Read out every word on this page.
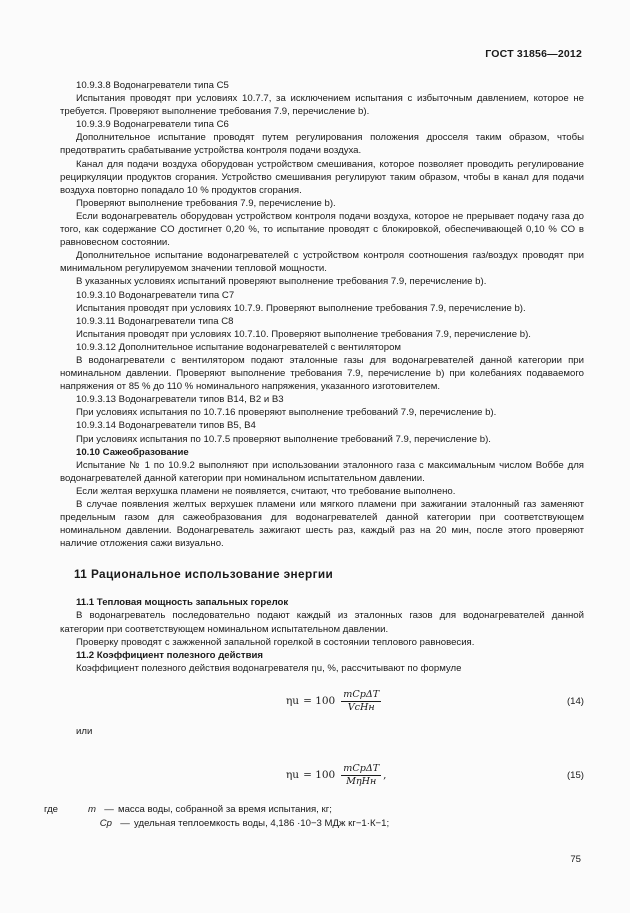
ГОСТ 31856—2012

10.9.3.8 Водонагреватели типа C5

Испытания проводят при условиях 10.7.7, за исключением испытания с избыточным давлением, которое не требуется. Проверяют выполнение требования 7.9, перечисление b).

10.9.3.9 Водонагреватели типа C6

Дополнительное испытание проводят путем регулирования положения дросселя таким образом, чтобы предотвратить срабатывание устройства контроля подачи воздуха.

Канал для подачи воздуха оборудован устройством смешивания, которое позволяет проводить регулирование рециркуляции продуктов сгорания. Устройство смешивания регулируют таким образом, чтобы в канал для подачи воздуха повторно попадало 10 % продуктов сгорания.

Проверяют выполнение требования 7.9, перечисление b).

Если водонагреватель оборудован устройством контроля подачи воздуха, которое не прерывает подачу газа до того, как содержание CO достигнет 0,20 %, то испытание проводят с блокировкой, обеспечивающей 0,10 % CO в равновесном состоянии.

Дополнительное испытание водонагревателей с устройством контроля соотношения газ/воздух проводят при минимальном регулируемом значении тепловой мощности.

В указанных условиях испытаний проверяют выполнение требования 7.9, перечисление b).

10.9.3.10 Водонагреватели типа C7

Испытания проводят при условиях 10.7.9. Проверяют выполнение требования 7.9, перечисление b).

10.9.3.11 Водонагреватели типа C8

Испытания проводят при условиях 10.7.10. Проверяют выполнение требования 7.9, перечисление b).

10.9.3.12 Дополнительное испытание водонагревателей с вентилятором

В водонагреватели с вентилятором подают эталонные газы для водонагревателей данной категории при номинальном давлении. Проверяют выполнение требования 7.9, перечисление b) при колебаниях подаваемого напряжения от 85 % до 110 % номинального напряжения, указанного изготовителем.

10.9.3.13 Водонагреватели типов B14, B2 и B3

При условиях испытания по 10.7.16 проверяют выполнение требований 7.9, перечисление b).

10.9.3.14 Водонагреватели типов B5, B4

При условиях испытания по 10.7.5 проверяют выполнение требований 7.9, перечисление b).

10.10 Сажеобразование

Испытание № 1 по 10.9.2 выполняют при использовании эталонного газа с максимальным числом Воббе для водонагревателей данной категории при номинальном испытательном давлении.

Если желтая верхушка пламени не появляется, считают, что требование выполнено.

В случае появления желтых верхушек пламени или мягкого пламени при зажигании эталонный газ заменяют предельным газом для сажеобразования для водонагревателей данной категории при соответствующем номинальном давлении. Водонагреватель зажигают шесть раз, каждый раз на 20 мин, после этого проверяют наличие отложения сажи визуально.

11 Рациональное использование энергии

11.1 Тепловая мощность запальных горелок

В водонагреватель последовательно подают каждый из эталонных газов для водонагревателей данной категории при соответствующем номинальном испытательном давлении.

Проверку проводят с зажженной запальной горелкой в состоянии теплового равновесия.

11.2 Коэффициент полезного действия

Коэффициент полезного действия водонагревателя ηu, %, рассчитывают по формуле

$\eta u = 100 \frac{\text{mCpΔT}}{\text{VcHн}}$	(14)

или

$\eta u = 100 \frac{\text{mCpΔT}}{\text{MηHн}}$ ,	(15)
где	m — масса воды, собранной за время испытания, кг;
Cp — удельная теплоемкость воды, 4,186 ·10−3 МДж кг−1·К−1;
75
